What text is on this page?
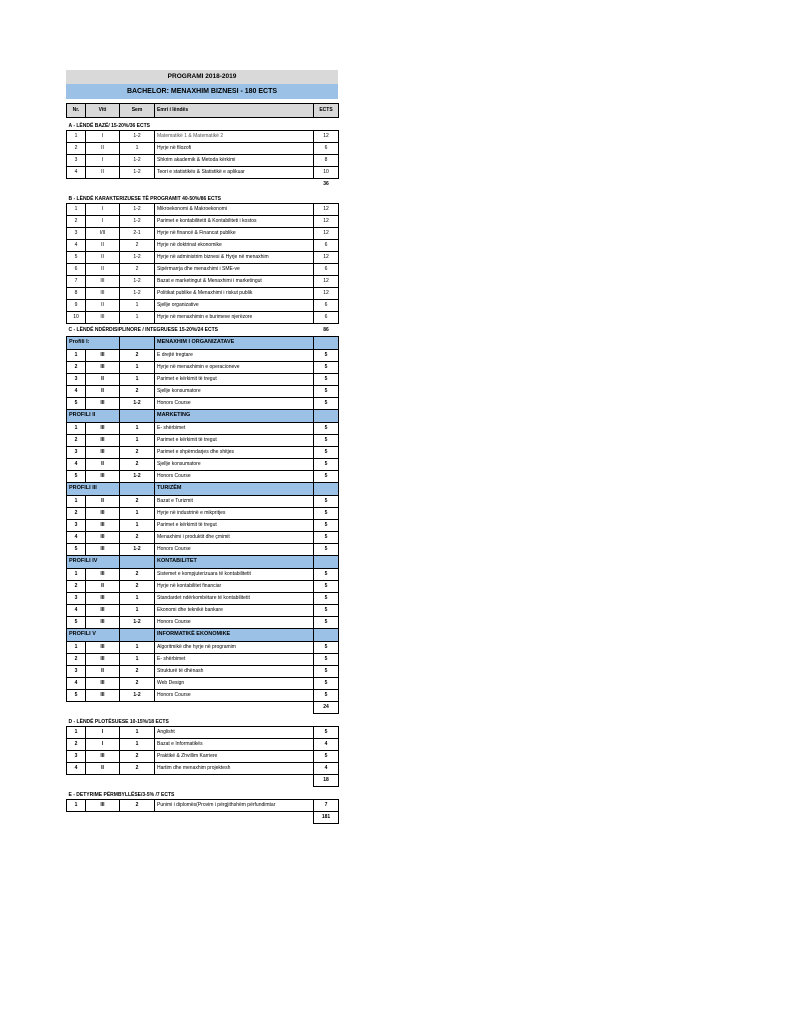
PROGRAMI 2018-2019
BACHELOR: MENAXHIM BIZNESI - 180 ECTS
Nr.	Viti	Sem	Emri i lëndës	ECTS
A - LËNDË BAZË/ 15-20%/36 ECTS				
1	I	1-2	Matematikë 1 & Matematikë 2	12
2	II	1	Hyrje në filozofi	6
3	I	1-2	Shkrim akademik & Metoda kërkimi	8
4	II	1-2	Teori e statistikës & Statistikë e aplikuar	10
				36
B - LËNDË KARAKTERIZUESE TË PROGRAMIT 40-50%/86 ECTS				
1	I	1-2	Mikroekonomi & Makroekonomi	12
2	I	1-2	Parimet e kontabilitetit & Kontabiliteti i kostos	12
3	I/II	2-1	Hyrje në financë & Financat publike	12
4	II	2	Hyrje në doktrinat ekonomike	6
5	II	1-2	Hyrje në administrim biznesi & Hyrje në menaxhim	12
6	II	2	Sipërmarrja dhe menaxhimi i SME-ve	6
7	III	1-2	Bazat e marketingut & Menaxhimi i marketingut	12
8	III	1-2	Politikat publike & Menaxhimi i riskut publik	12
9	II	1	Sjellje organizative	6
10	III	1	Hyrje në menaxhimin e burimeve njerëzore	6
C - LËNDË NDËRDISIPLINORE / INTEGRUESE 15-20%/24 ECTS				86
Profili I:			MENAXHIM I ORGANIZATAVE	
1	III	2	E drejtë tregtare	5
2	III	1	Hyrje në menaxhimin e operacioneve	5
3	II	1	Parimet e kërkimit të tregut	5
4	II	2	Sjellje konsumatore	5
5	III	1-2	Honors Course	5
PROFILI II			MARKETING	
1	III	1	E- shërbimet	5
2	III	1	Parimet e kërkimit të tregut	5
3	III	2	Parimet e shpërndarjes dhe shitjes	5
4	II	2	Sjellje konsumatore	5
5	III	1-2	Honors Course	5
PROFILI III			TURIZËM	
1	II	2	Bazat e Turizmit	5
2	III	1	Hyrje në industrinë e mikpritjes	5
3	III	1	Parimet e kërkimit të tregut	5
4	III	2	Menaxhimi i produktit dhe çmimit	5
5	III	1-2	Honors Course	5
PROFILI IV			KONTABILITET	
1	III	2	Sistemet e kompjuterizuara të kontabilitetit	5
2	II	2	Hyrje në kontabilitet financiar	5
3	III	1	Standardet ndërkombëtare të kontabilitetit	5
4	III	1	Ekonomi dhe teknikë bankare	5
5	III	1-2	Honors Course	5
PROFILI V			INFORMATIKË EKONOMIKE	
1	III	1	Algoritmikë dhe hyrje në programim	5
2	III	1	E- shërbimet	5
3	II	2	Strukturë të dhënash	5
4	III	2	Web Design	5
5	III	1-2	Honors Course	5
				24
D - LËNDË PLOTËSUESE 10-15%/18 ECTS				
1	I	1	Anglisht	5
2	I	1	Bazat e Informatikës	4
3	III	2	Praktikë & Zhvillim Karriere	5
4	II	2	Hartim dhe menaxhim projektesh	4
				18
E - DETYRIME PËRMBYLLËSE/3-5% /7 ECTS				
1	III	2	Punimi i diplomës(Provim i përgjithshëm përfundimtar	7
				181
